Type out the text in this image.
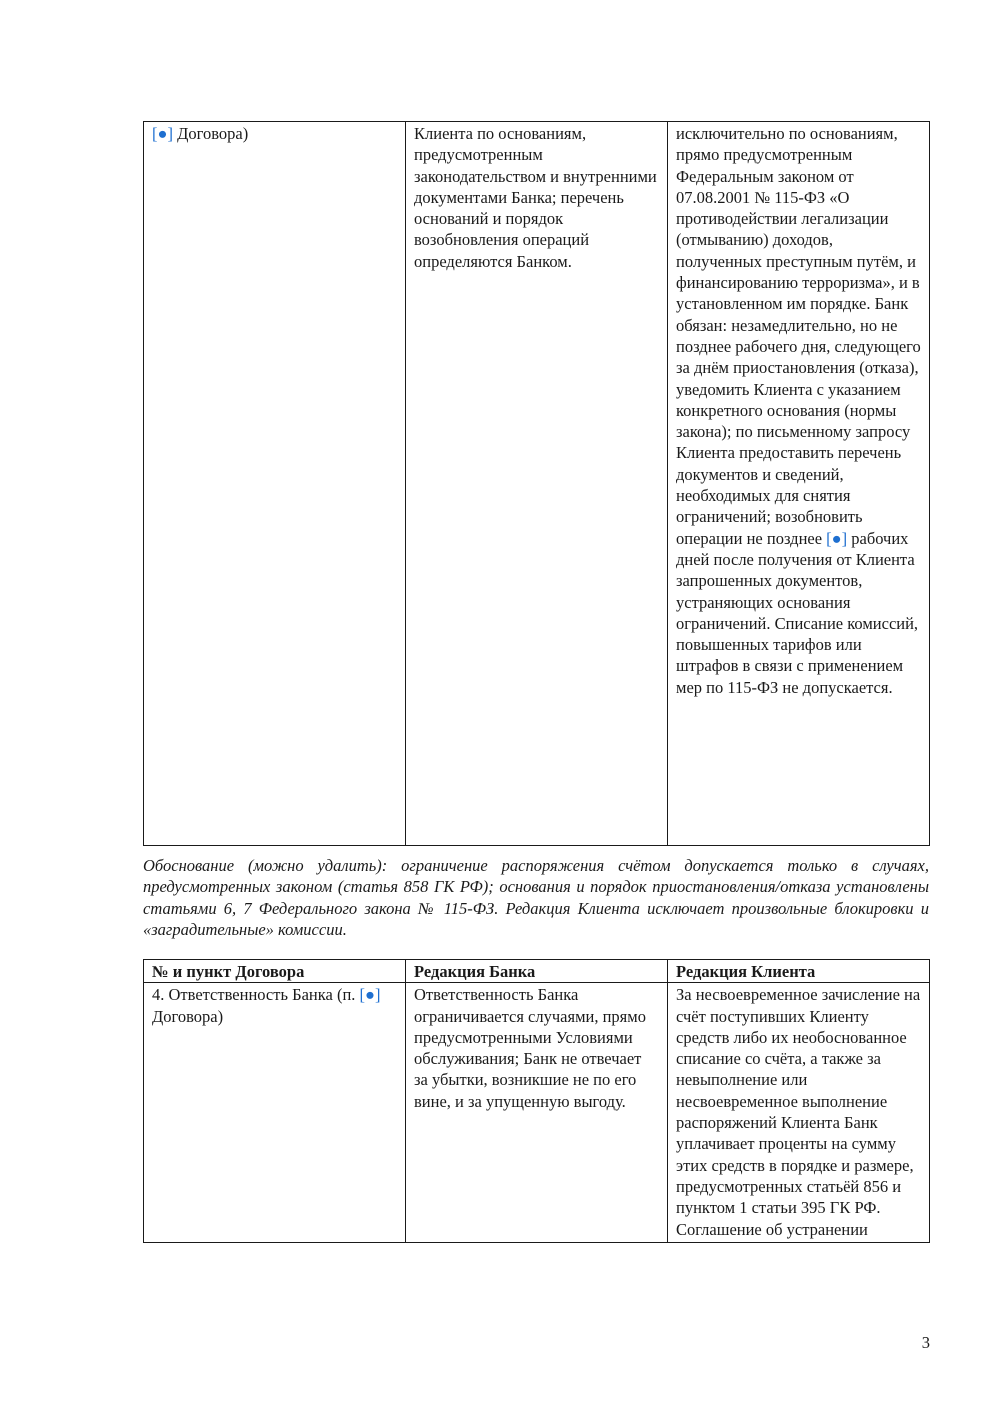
[●] Договора)	Клиента по основаниям, предусмотренным законодательством и внутренними документами Банка; перечень оснований и порядок возобновления операций определяются Банком.	исключительно по основаниям, прямо предусмотренным Федеральным законом от 07.08.2001 № 115-ФЗ «О противодействии легализации (отмыванию) доходов, полученных преступным путём, и финансированию терроризма», и в установленном им порядке. Банк обязан: незамедлительно, но не позднее рабочего дня, следующего за днём приостановления (отказа), уведомить Клиента с указанием конкретного основания (нормы закона); по письменному запросу Клиента предоставить перечень документов и сведений, необходимых для снятия ограничений; возобновить операции не позднее [●] рабочих дней после получения от Клиента запрошенных документов, устраняющих основания ограничений. Списание комиссий, повышенных тарифов или штрафов в связи с применением мер по 115-ФЗ не допускается.
Обоснование (можно удалить): ограничение распоряжения счётом допускается только в случаях, предусмотренных законом (статья 858 ГК РФ); основания и порядок приостановления/отказа установлены статьями 6, 7 Федерального закона № 115-ФЗ. Редакция Клиента исключает произвольные блокировки и «заградительные» комиссии.
№ и пункт Договора	Редакция Банка	Редакция Клиента
4. Ответственность Банка (п. [●] Договора)	Ответственность Банка ограничивается случаями, прямо предусмотренными Условиями обслуживания; Банк не отвечает за убытки, возникшие не по его вине, и за упущенную выгоду.	За несвоевременное зачисление на счёт поступивших Клиенту средств либо их необоснованное списание со счёта, а также за невыполнение или несвоевременное выполнение распоряжений Клиента Банк уплачивает проценты на сумму этих средств в порядке и размере, предусмотренных статьёй 856 и пунктом 1 статьи 395 ГК РФ. Соглашение об устранении
3
